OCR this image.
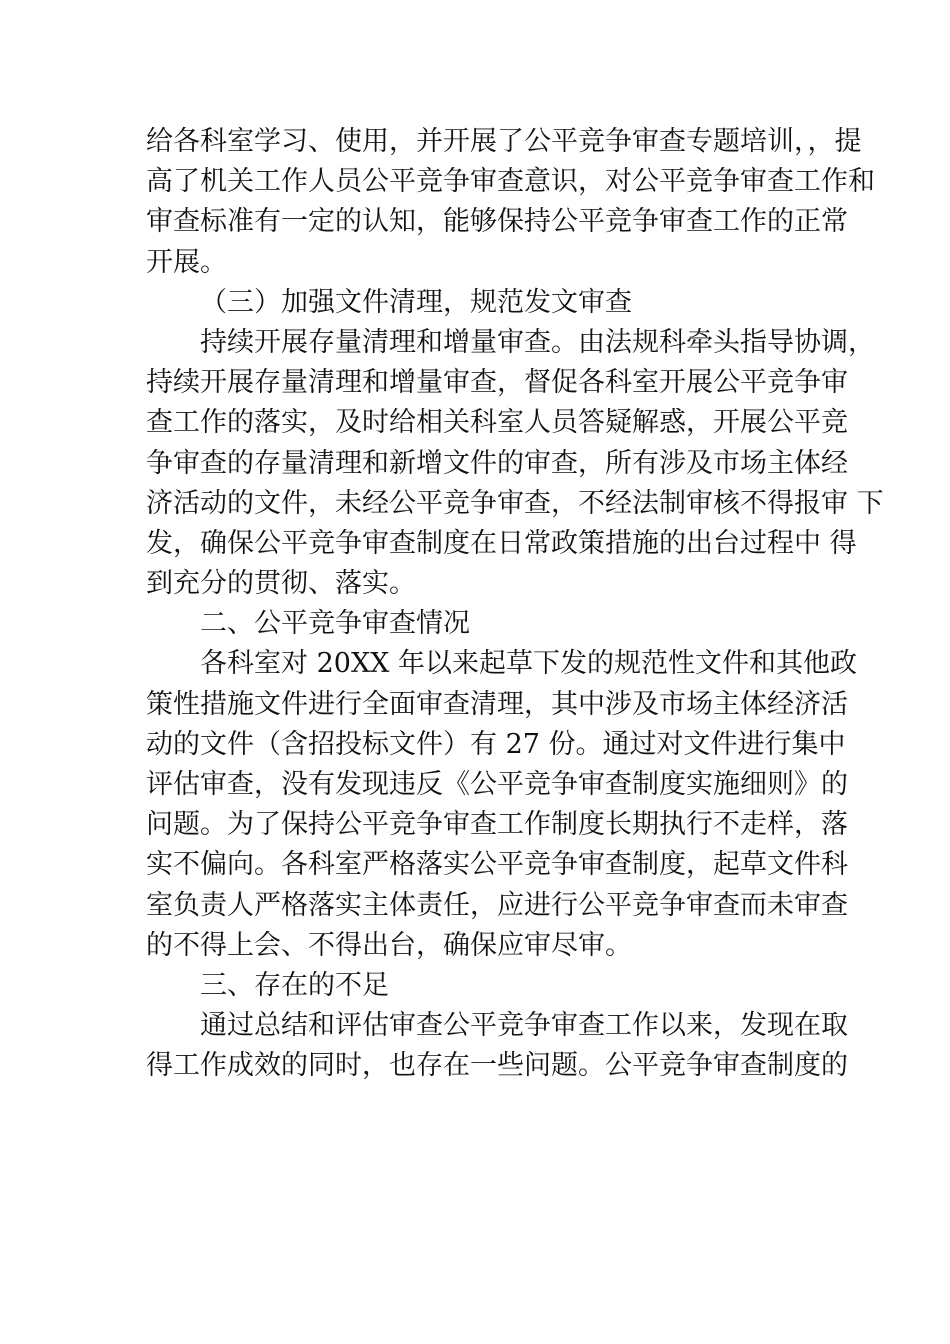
给各科室学习、使用，并开展了公平竞争审查专题培训，，提
高了机关工作人员公平竞争审查意识，对公平竞争审查工作和
审查标准有一定的认知，能够保持公平竞争审查工作的正常
开展。
（三）加强文件清理，规范发文审查
持续开展存量清理和增量审查。由法规科牵头指导协调，
持续开展存量清理和增量审查，督促各科室开展公平竞争审
查工作的落实，及时给相关科室人员答疑解惑，开展公平竞
争审查的存量清理和新增文件的审查，所有涉及市场主体经
济活动的文件，未经公平竞争审查，不经法制审核不得报审 下
发，确保公平竞争审查制度在日常政策措施的出台过程中 得
到充分的贯彻、落实。
二、公平竞争审查情况
各科室对 20XX 年以来起草下发的规范性文件和其他政
策性措施文件进行全面审查清理，其中涉及市场主体经济活
动的文件（含招投标文件）有 27 份。通过对文件进行集中
评估审查，没有发现违反《公平竞争审查制度实施细则》的
问题。为了保持公平竞争审查工作制度长期执行不走样，落
实不偏向。各科室严格落实公平竞争审查制度，起草文件科
室负责人严格落实主体责任，应进行公平竞争审查而未审查
的不得上会、不得出台，确保应审尽审。
三、存在的不足
通过总结和评估审查公平竞争审查工作以来，发现在取
得工作成效的同时，也存在一些问题。公平竞争审查制度的
